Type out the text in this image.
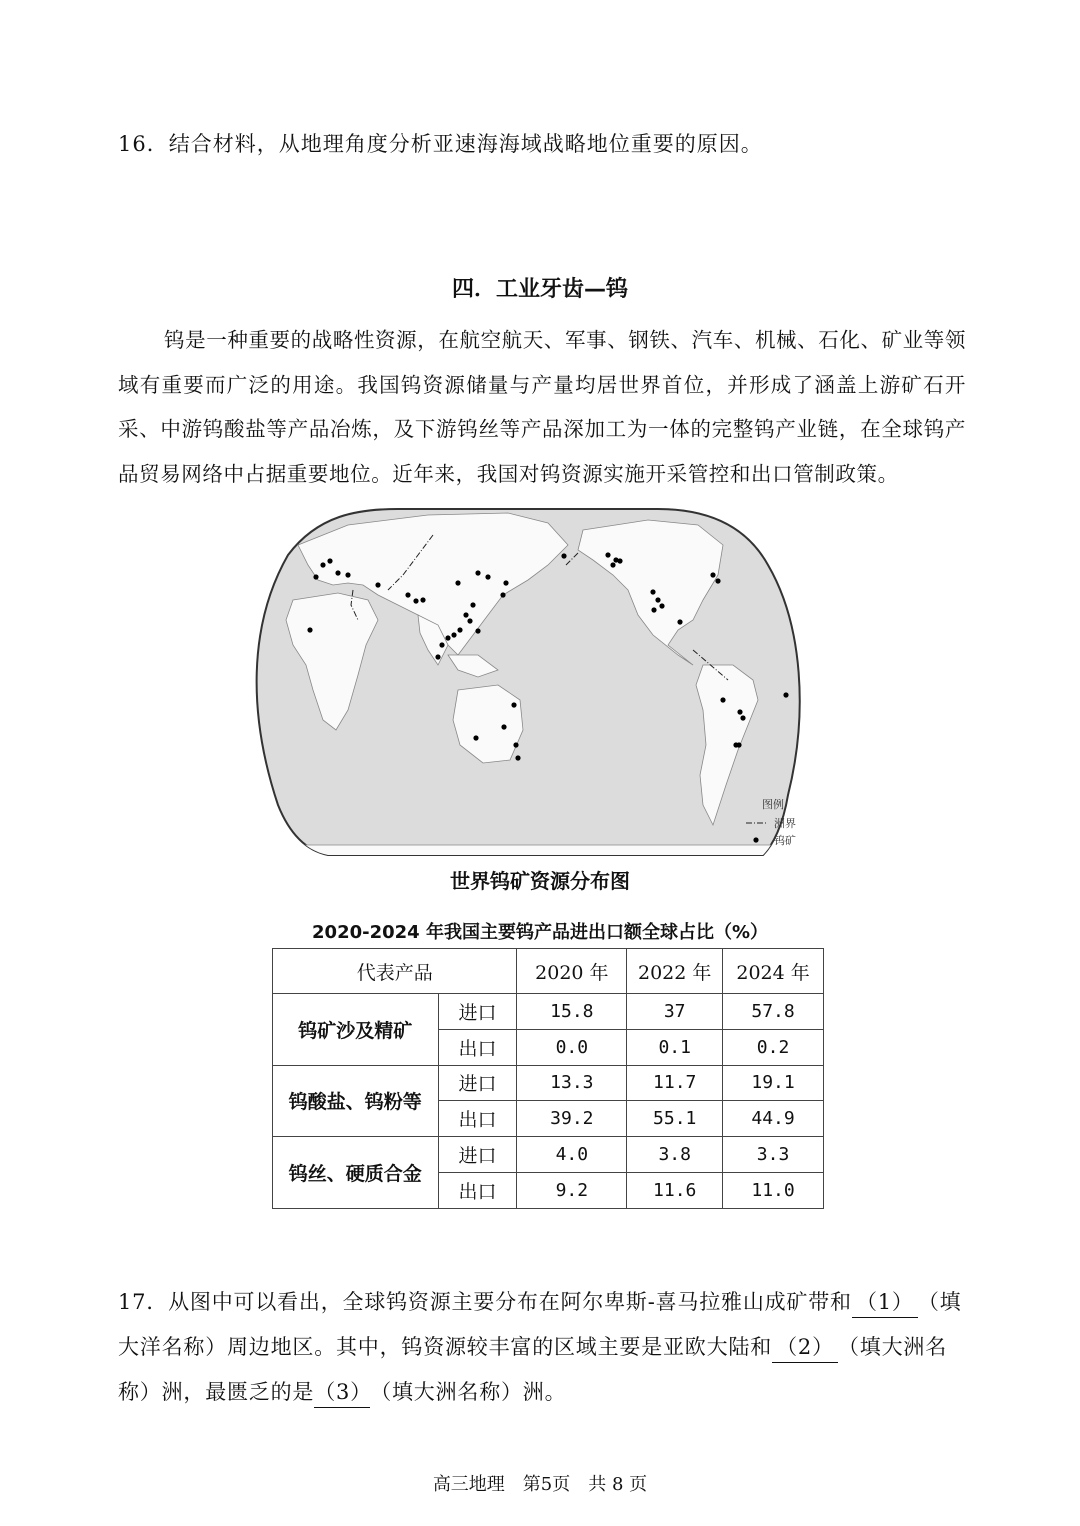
16．结合材料，从地理角度分析亚速海海域战略地位重要的原因。
四．工业牙齿—钨

钨是一种重要的战略性资源，在航空航天、军事、钢铁、汽车、机械、石化、矿业等领域有重要而广泛的用途。我国钨资源储量与产量均居世界首位，并形成了涵盖上游矿石开采、中游钨酸盐等产品冶炼，及下游钨丝等产品深加工为一体的完整钨产业链，在全球钨产品贸易网络中占据重要地位。近年来，我国对钨资源实施开采管控和出口管制政策。

图例
洲界
钨矿
世界钨矿资源分布图
2020-2024 年我国主要钨产品进出口额全球占比（%）
代表产品		2020 年	2022 年	2024 年
钨矿沙及精矿	进口	15.8	37	57.8
	出口	0.0	0.1	0.2
钨酸盐、钨粉等	进口	13.3	11.7	19.1
	出口	39.2	55.1	44.9
钨丝、硬质合金	进口	4.0	3.8	3.3
	出口	9.2	11.6	11.0
17．从图中可以看出，全球钨资源主要分布在阿尔卑斯-喜马拉雅山成矿带和 （1） （填大洋名称）周边地区。其中，钨资源较丰富的区域主要是亚欧大陆和 （2） （填大洲名称）洲，最匮乏的是（3）（填大洲名称）洲。
高三地理　第5页　共 8 页
